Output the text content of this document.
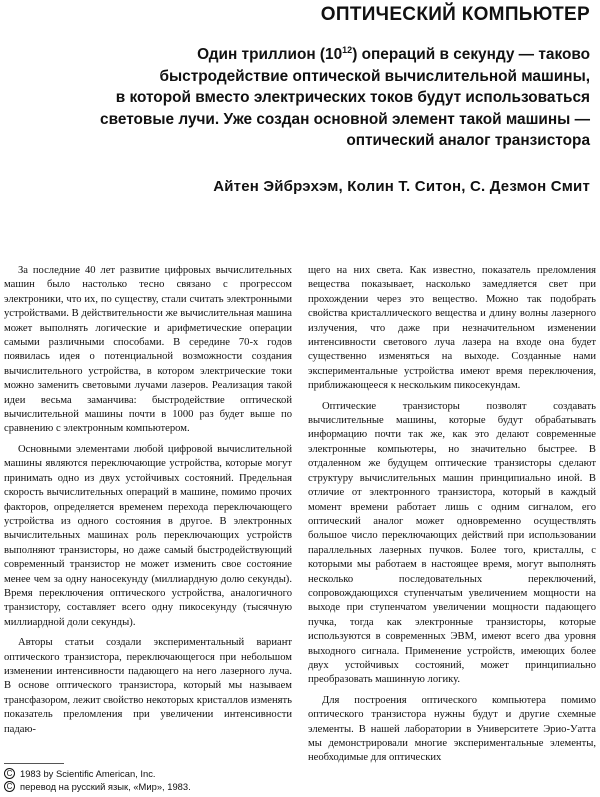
ОПТИЧЕСКИЙ КОМПЬЮТЕР
Один триллион $(10^{12})$ операций в секунду — таково
быстродействие оптической вычислительной машины,
в которой вместо электрических токов будут использоваться
световые лучи. Уже создан основной элемент такой машины —
оптический аналог транзистора
Айтен Эйбрэхэм, Колин Т. Ситон, С. Дезмон Смит

За последние 40 лет развитие цифровых вычислительных машин было настолько тесно связано с прогрессом электроники, что их, по существу, стали считать электронными устройствами. В действительности же вычислительная машина может выполнять логические и арифметические операции самыми различными способами. В середине 70-х годов появилась идея о потенциальной возможности создания вычислительного устройства, в котором электрические токи можно заменить световыми лучами лазеров. Реализация такой идеи весьма заманчива: быстродействие оптической вычислительной машины почти в 1000 раз будет выше по сравнению с электронным компьютером.

Основными элементами любой цифровой вычислительной машины являются переключающие устройства, которые могут принимать одно из двух устойчивых состояний. Предельная скорость вычислительных операций в машине, помимо прочих факторов, определяется временем перехода переключающего устройства из одного состояния в другое. В электронных вычислительных машинах роль переключающих устройств выполняют транзисторы, но даже самый быстродействующий современный транзистор не может изменить свое состояние менее чем за одну наносекунду (миллиардную долю секунды). Время переключения оптического устройства, аналогичного транзистору, составляет всего одну пикосекунду (тысячную миллиардной доли секунды).

Авторы статьи создали экспериментальный вариант оптического транзистора, переключающегося при небольшом изменении интенсивности падающего на него лазерного луча. В основе оптического транзистора, который мы называем трансфазором, лежит свойство некоторых кристаллов изменять показатель преломления при увеличении интенсивности падаю-

щего на них света. Как известно, показатель преломления вещества показывает, насколько замедляется свет при прохождении через это вещество. Можно так подобрать свойства кристаллического вещества и длину волны лазерного излучения, что даже при незначительном изменении интенсивности светового луча лазера на входе она будет существенно изменяться на выходе. Созданные нами экспериментальные устройства имеют время переключения, приближающееся к нескольким пикосекундам.

Оптические транзисторы позволят создавать вычислительные машины, которые будут обрабатывать информацию почти так же, как это делают современные электронные компьютеры, но значительно быстрее. В отдаленном же будущем оптические транзисторы сделают структуру вычислительных машин принципиально иной. В отличие от электронного транзистора, который в каждый момент времени работает лишь с одним сигналом, его оптический аналог может одновременно осуществлять большое число переключающих действий при использовании параллельных лазерных пучков. Более того, кристаллы, с которыми мы работаем в настоящее время, могут выполнять несколько последовательных переключений, сопровождающихся ступенчатым увеличением мощности на выходе при ступенчатом увеличении мощности падающего пучка, тогда как электронные транзисторы, которые используются в современных ЭВМ, имеют всего два уровня выходного сигнала. Применение устройств, имеющих более двух устойчивых состояний, может принципиально преобразовать машинную логику.

Для построения оптического компьютера помимо оптического транзистора нужны будут и другие схемные элементы. В нашей лаборатории в Университете Эрио-Уатта мы демонстрировали многие экспериментальные элементы, необходимые для оптических

C 1983 by Scientific American, Inc.
C перевод на русский язык, «Мир», 1983.
